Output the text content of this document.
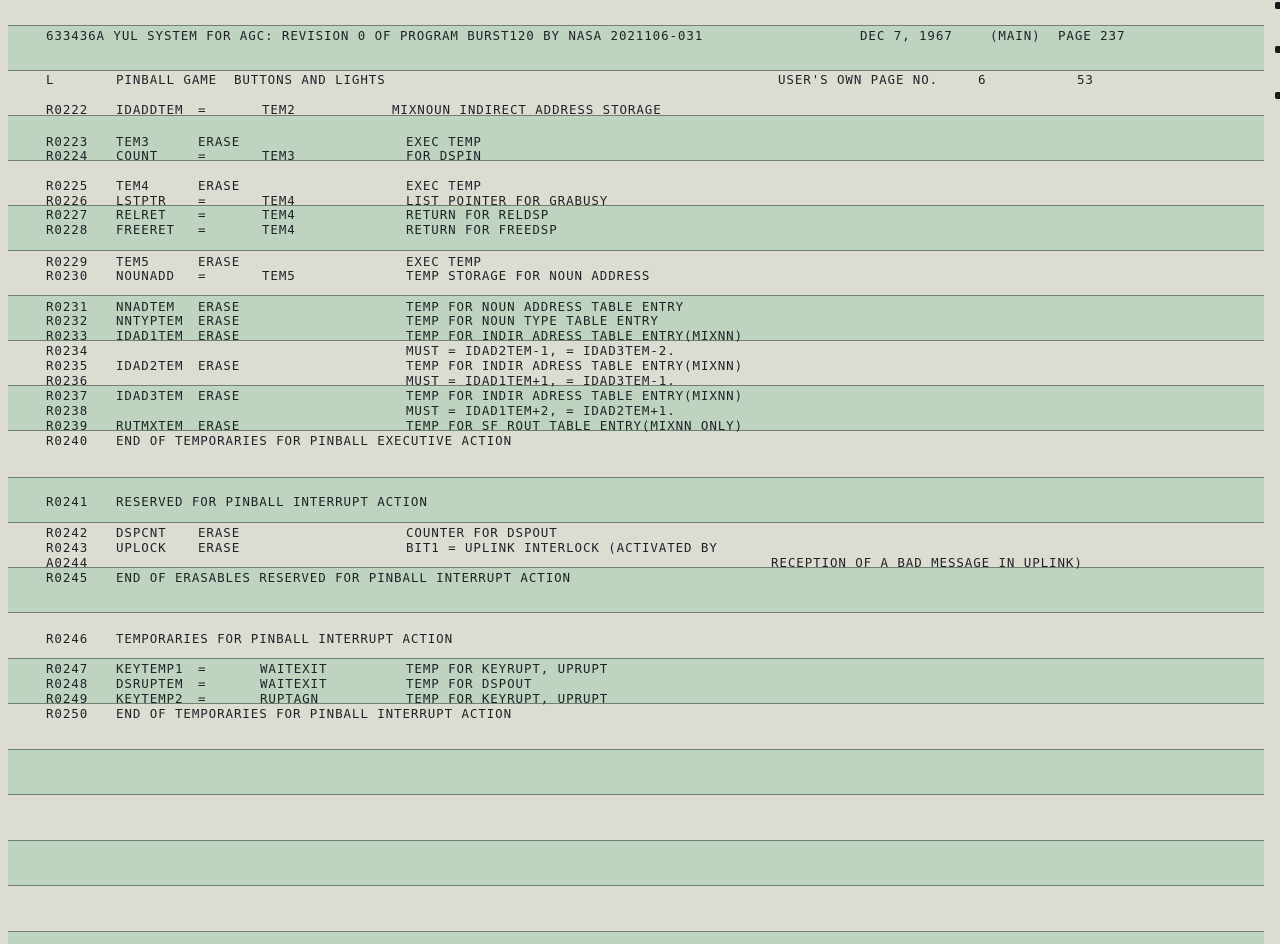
633436A YUL SYSTEM FOR AGC: REVISION 0 OF PROGRAM BURST120 BY NASA 2021106-031	DEC 7, 1967	(MAIN) PAGE 237
L	PINBALL GAME  BUTTONS AND LIGHTS	USER'S OWN PAGE NO.	6	53
R0222 IDADDTEM =	TEM2	MIXNOUN INDIRECT ADDRESS STORAGE
R0223 TEM3	ERASE	EXEC TEMP
R0224 COUNT	=	TEM3	FOR DSPIN
R0225 TEM4	ERASE	EXEC TEMP
R0226 LSTPTR	=	TEM4	LIST POINTER FOR GRABUSY
R0227 RELRET	=	TEM4	RETURN FOR RELDSP
R0228 FREERET =	TEM4	RETURN FOR FREEDSP
R0229 TEM5	ERASE	EXEC TEMP
R0230 NOUNADD =	TEM5	TEMP STORAGE FOR NOUN ADDRESS
R0231 NNADTEM ERASE	TEMP FOR NOUN ADDRESS TABLE ENTRY
R0232 NNTYPTEM ERASE	TEMP FOR NOUN TYPE TABLE ENTRY
R0233 IDAD1TEM ERASE	TEMP FOR INDIR ADRESS TABLE ENTRY(MIXNN)
R0234	MUST = IDAD2TEM-1, = IDAD3TEM-2.
R0235 IDAD2TEM ERASE	TEMP FOR INDIR ADRESS TABLE ENTRY(MIXNN)
R0236	MUST = IDAD1TEM+1, = IDAD3TEM-1.
R0237 IDAD3TEM ERASE	TEMP FOR INDIR ADRESS TABLE ENTRY(MIXNN)
R0238	MUST = IDAD1TEM+2, = IDAD2TEM+1.
R0239 RUTMXTEM ERASE	TEMP FOR SF ROUT TABLE ENTRY(MIXNN ONLY)
R0240 END OF TEMPORARIES FOR PINBALL EXECUTIVE ACTION
R0241 RESERVED FOR PINBALL INTERRUPT ACTION
R0242 DSPCNT	ERASE	COUNTER FOR DSPOUT
R0243 UPLOCK	ERASE	BIT1 = UPLINK INTERLOCK (ACTIVATED BY
A0244	RECEPTION OF A BAD MESSAGE IN UPLINK)
R0245 END OF ERASABLES RESERVED FOR PINBALL INTERRUPT ACTION
R0246 TEMPORARIES FOR PINBALL INTERRUPT ACTION
R0247 KEYTEMP1 =	WAITEXIT	TEMP FOR KEYRUPT, UPRUPT
R0248 DSRUPTEM =	WAITEXIT	TEMP FOR DSPOUT
R0249 KEYTEMP2 =	RUPTAGN	TEMP FOR KEYRUPT, UPRUPT
R0250 END OF TEMPORARIES FOR PINBALL INTERRUPT ACTION
